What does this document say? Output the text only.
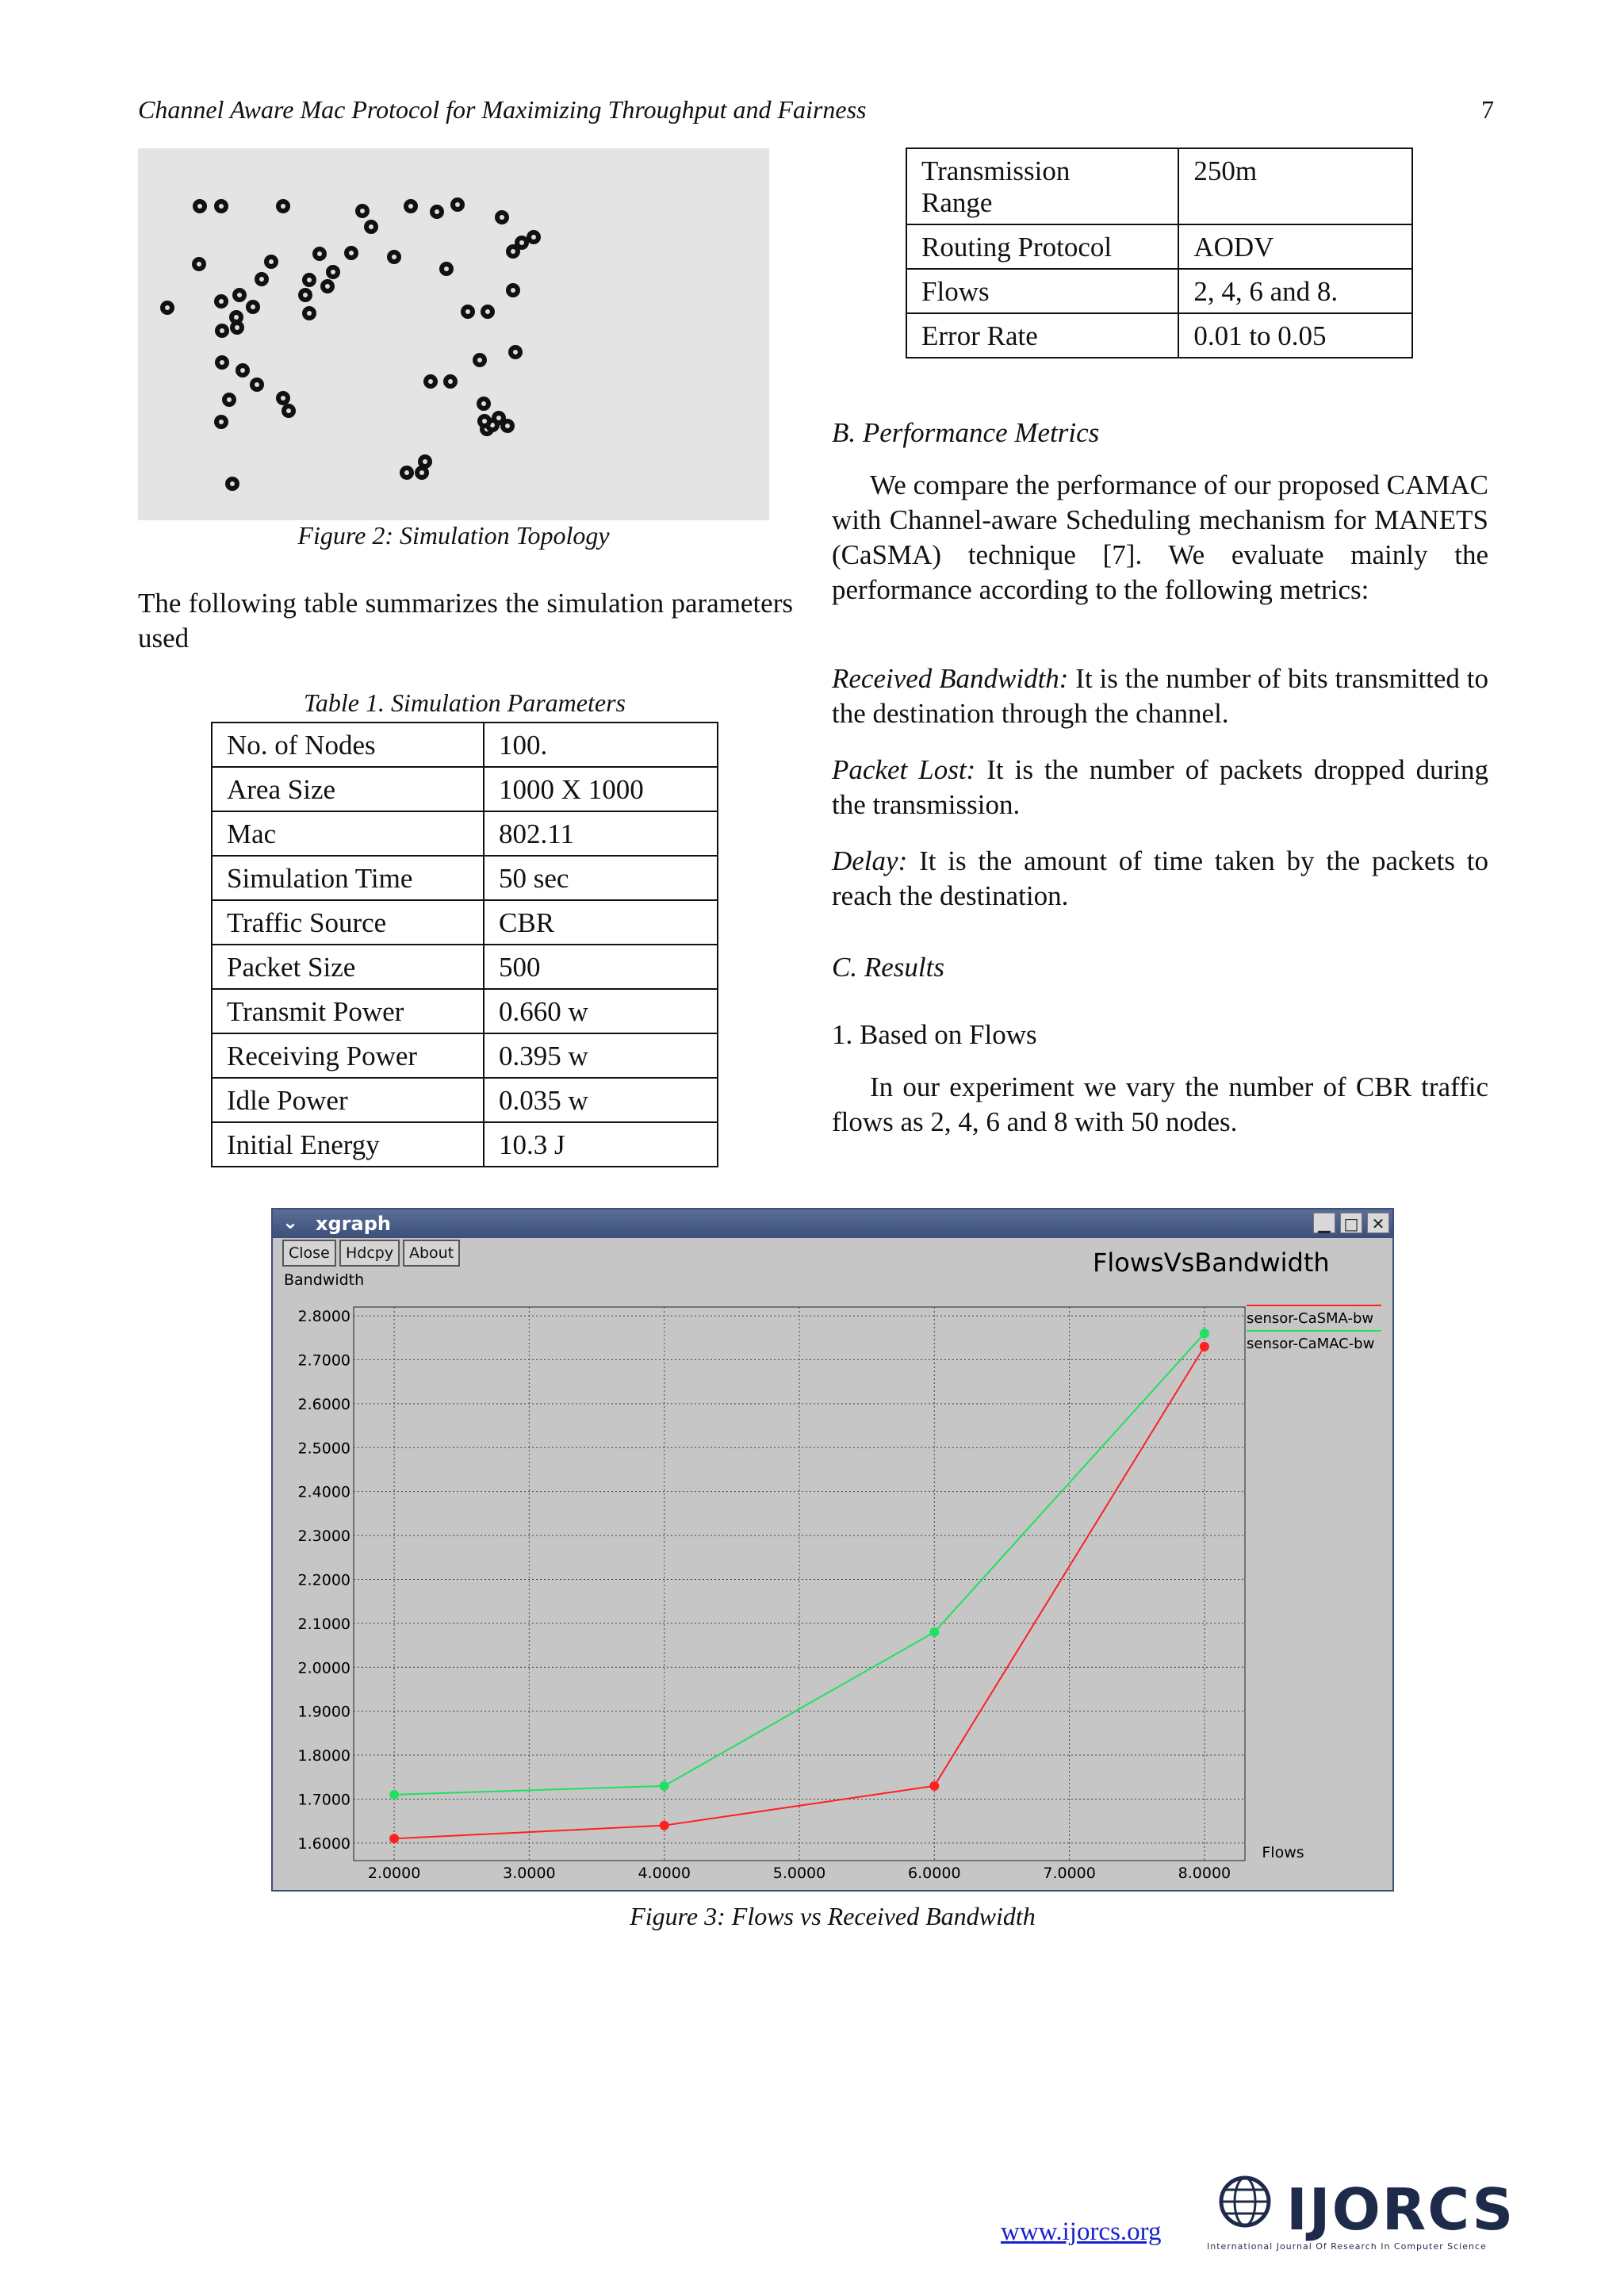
Channel Aware Mac Protocol for Maximizing Throughput and Fairness	7
Figure 2: Simulation Topology
The following table summarizes the simulation parameters used
Table 1. Simulation Parameters
No. of Nodes	100.
Area Size	1000 X 1000
Mac	802.11
Simulation Time	50 sec
Traffic Source	CBR
Packet Size	500
Transmit Power	0.660 w
Receiving Power	0.395 w
Idle Power	0.035 w
Initial Energy	10.3 J
Transmission Range	250m
Routing Protocol	AODV
Flows	2, 4, 6 and 8.
Error Rate	0.01 to 0.05
B. Performance Metrics
We compare the performance of our proposed CAMAC with Channel-aware Scheduling mechanism for MANETS (CaSMA) technique [7]. We evaluate mainly the performance according to the following metrics:
Received Bandwidth: It is the number of bits transmitted to the destination through the channel.
Packet Lost: It is the number of packets dropped during the transmission.
Delay: It is the amount of time taken by the packets to reach the destination.
C. Results
1. Based on Flows
In our experiment we vary the number of CBR traffic flows as 2, 4, 6 and 8 with 50 nodes.
⌄ xgraph	▁ □ ✕
Close	Hdcpy	About
Bandwidth
FlowsVsBandwidth
1.6000
1.7000
1.8000
1.9000
2.0000
2.1000
2.2000
2.3000
2.4000
2.5000
2.6000
2.7000
2.8000
2.0000	3.0000	4.0000	5.0000	6.0000	7.0000	8.0000
Flows
sensor-CaSMA-bw
sensor-CaMAC-bw
Figure 3: Flows vs Received Bandwidth
www.ijorcs.org IJORCS
International Journal Of Research In Computer Science
